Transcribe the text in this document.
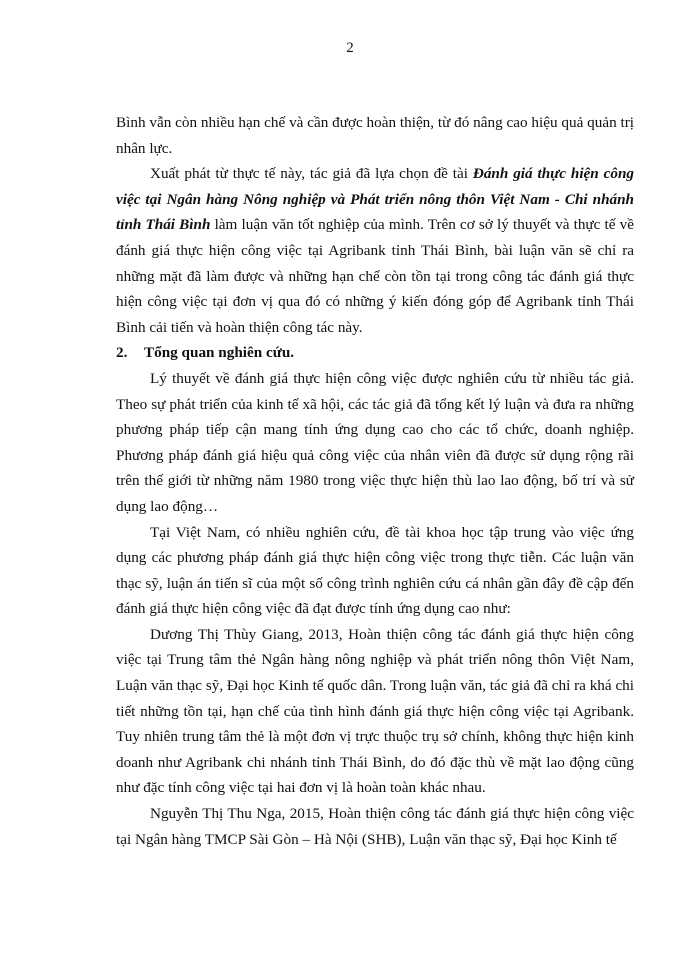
2

Bình vẫn còn nhiều hạn chế và cần được hoàn thiện, từ đó nâng cao hiệu quả quản trị nhân lực.

Xuất phát từ thực tế này, tác giả đã lựa chọn đề tài Đánh giá thực hiện công việc tại Ngân hàng Nông nghiệp và Phát triển nông thôn Việt Nam - Chi nhánh tỉnh Thái Bình làm luận văn tốt nghiệp của mình. Trên cơ sở lý thuyết và thực tế về đánh giá thực hiện công việc tại Agribank tỉnh Thái Bình, bài luận văn sẽ chỉ ra những mặt đã làm được và những hạn chế còn tồn tại trong công tác đánh giá thực hiện công việc tại đơn vị qua đó có những ý kiến đóng góp để Agribank tỉnh Thái Bình cải tiến và hoàn thiện công tác này.

2. Tổng quan nghiên cứu.

Lý thuyết về đánh giá thực hiện công việc được nghiên cứu từ nhiều tác giả. Theo sự phát triển của kinh tế xã hội, các tác giả đã tổng kết lý luận và đưa ra những phương pháp tiếp cận mang tính ứng dụng cao cho các tổ chức, doanh nghiệp. Phương pháp đánh giá hiệu quả công việc của nhân viên đã được sử dụng rộng rãi trên thế giới từ những năm 1980 trong việc thực hiện thù lao lao động, bố trí và sử dụng lao động…

Tại Việt Nam, có nhiều nghiên cứu, đề tài khoa học tập trung vào việc ứng dụng các phương pháp đánh giá thực hiện công việc trong thực tiễn. Các luận văn thạc sỹ, luận án tiến sĩ của một số công trình nghiên cứu cá nhân gần đây đề cập đến đánh giá thực hiện công việc đã đạt được tính ứng dụng cao như:

Dương Thị Thùy Giang, 2013, Hoàn thiện công tác đánh giá thực hiện công việc tại Trung tâm thẻ Ngân hàng nông nghiệp và phát triển nông thôn Việt Nam, Luận văn thạc sỹ, Đại học Kinh tế quốc dân. Trong luận văn, tác giả đã chỉ ra khá chi tiết những tồn tại, hạn chế của tình hình đánh giá thực hiện công việc tại Agribank. Tuy nhiên trung tâm thẻ là một đơn vị trực thuộc trụ sở chính, không thực hiện kinh doanh như Agribank chi nhánh tỉnh Thái Bình, do đó đặc thù về mặt lao động cũng như đặc tính công việc tại hai đơn vị là hoàn toàn khác nhau.

Nguyễn Thị Thu Nga, 2015, Hoàn thiện công tác đánh giá thực hiện công việc tại Ngân hàng TMCP Sài Gòn – Hà Nội (SHB), Luận văn thạc sỹ, Đại học Kinh tế
